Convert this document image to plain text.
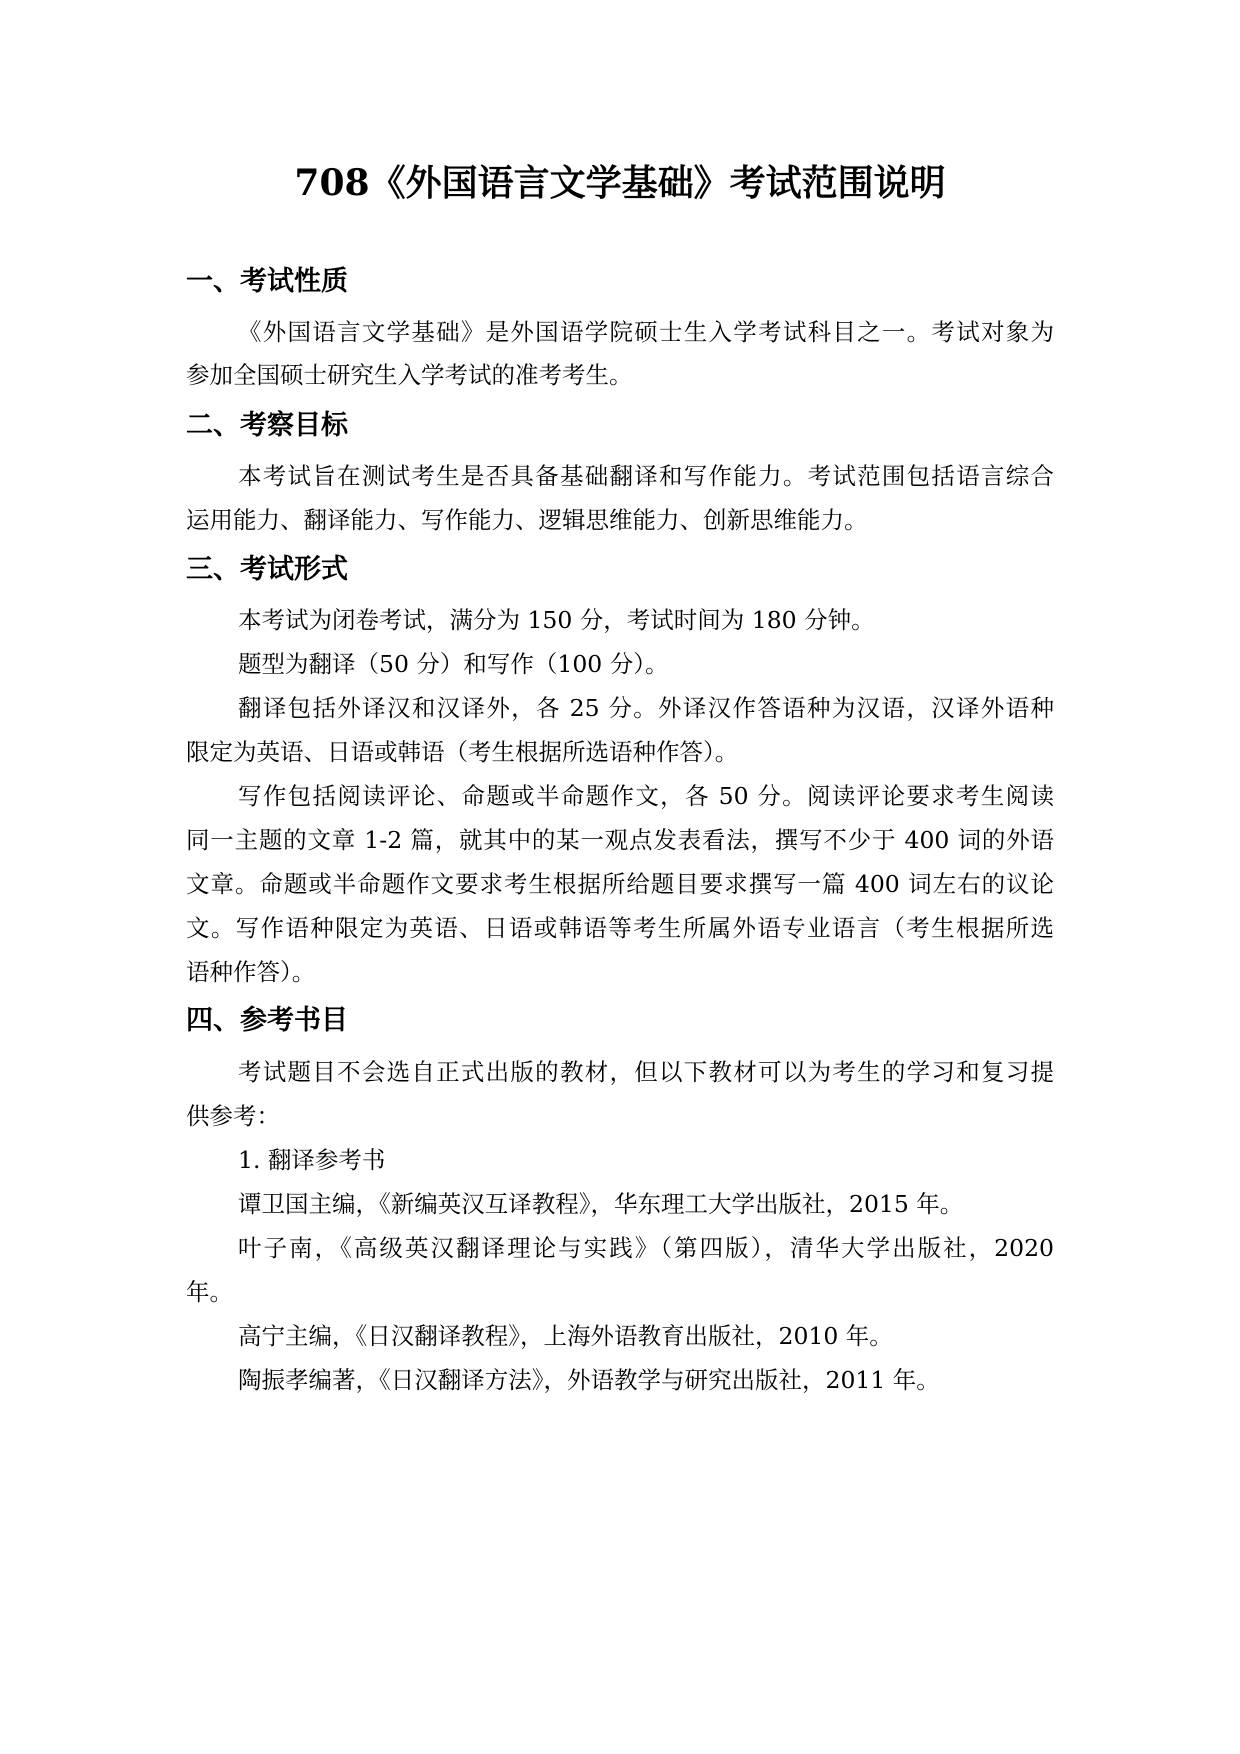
708《外国语言文学基础》考试范围说明
一、考试性质
《外国语言文学基础》是外国语学院硕士生入学考试科目之一。考试对象为
参加全国硕士研究生入学考试的准考考生。
二、考察目标
本考试旨在测试考生是否具备基础翻译和写作能力。考试范围包括语言综合
运用能力、翻译能力、写作能力、逻辑思维能力、创新思维能力。
三、考试形式
本考试为闭卷考试，满分为 150 分，考试时间为 180 分钟。
题型为翻译（50 分）和写作（100 分）。
翻译包括外译汉和汉译外，各 25 分。外译汉作答语种为汉语，汉译外语种
限定为英语、日语或韩语（考生根据所选语种作答）。
写作包括阅读评论、命题或半命题作文，各 50 分。阅读评论要求考生阅读
同一主题的文章 1-2 篇，就其中的某一观点发表看法，撰写不少于 400 词的外语
文章。命题或半命题作文要求考生根据所给题目要求撰写一篇 400 词左右的议论
文。写作语种限定为英语、日语或韩语等考生所属外语专业语言（考生根据所选
语种作答）。
四、参考书目
考试题目不会选自正式出版的教材，但以下教材可以为考生的学习和复习提
供参考：
1. 翻译参考书
谭卫国主编，《新编英汉互译教程》，华东理工大学出版社，2015 年。
叶子南，《高级英汉翻译理论与实践》（第四版），清华大学出版社，2020
年。
高宁主编，《日汉翻译教程》，上海外语教育出版社，2010 年。
陶振孝编著，《日汉翻译方法》，外语教学与研究出版社，2011 年。
